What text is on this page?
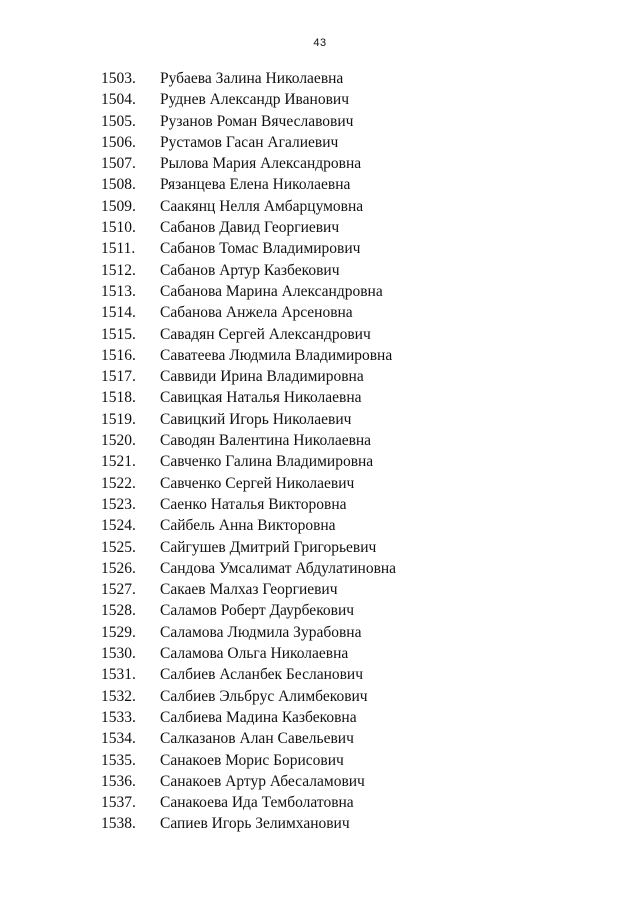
43
1503.	Рубаева Залина Николаевна
1504.	Руднев Александр Иванович
1505.	Рузанов Роман Вячеславович
1506.	Рустамов Гасан Агалиевич
1507.	Рылова Мария Александровна
1508.	Рязанцева Елена Николаевна
1509.	Саакянц Нелля Амбарцумовна
1510.	Сабанов Давид Георгиевич
1511.	Сабанов Томас Владимирович
1512.	Сабанов Артур Казбекович
1513.	Сабанова Марина Александровна
1514.	Сабанова Анжела Арсеновна
1515.	Савадян Сергей Александрович
1516.	Саватеева Людмила Владимировна
1517.	Саввиди Ирина Владимировна
1518.	Савицкая Наталья Николаевна
1519.	Савицкий Игорь Николаевич
1520.	Саводян Валентина Николаевна
1521.	Савченко Галина Владимировна
1522.	Савченко Сергей Николаевич
1523.	Саенко Наталья Викторовна
1524.	Сайбель Анна Викторовна
1525.	Сайгушев Дмитрий Григорьевич
1526.	Сандова Умсалимат Абдулатиновна
1527.	Сакаев Малхаз Георгиевич
1528.	Саламов Роберт Даурбекович
1529.	Саламова Людмила Зурабовна
1530.	Саламова Ольга Николаевна
1531.	Салбиев Асланбек Бесланович
1532.	Салбиев Эльбрус Алимбекович
1533.	Салбиева Мадина Казбековна
1534.	Салказанов Алан Савельевич
1535.	Санакоев Морис Борисович
1536.	Санакоев Артур Абесаламович
1537.	Санакоева Ида Темболатовна
1538.	Сапиев Игорь Зелимханович
